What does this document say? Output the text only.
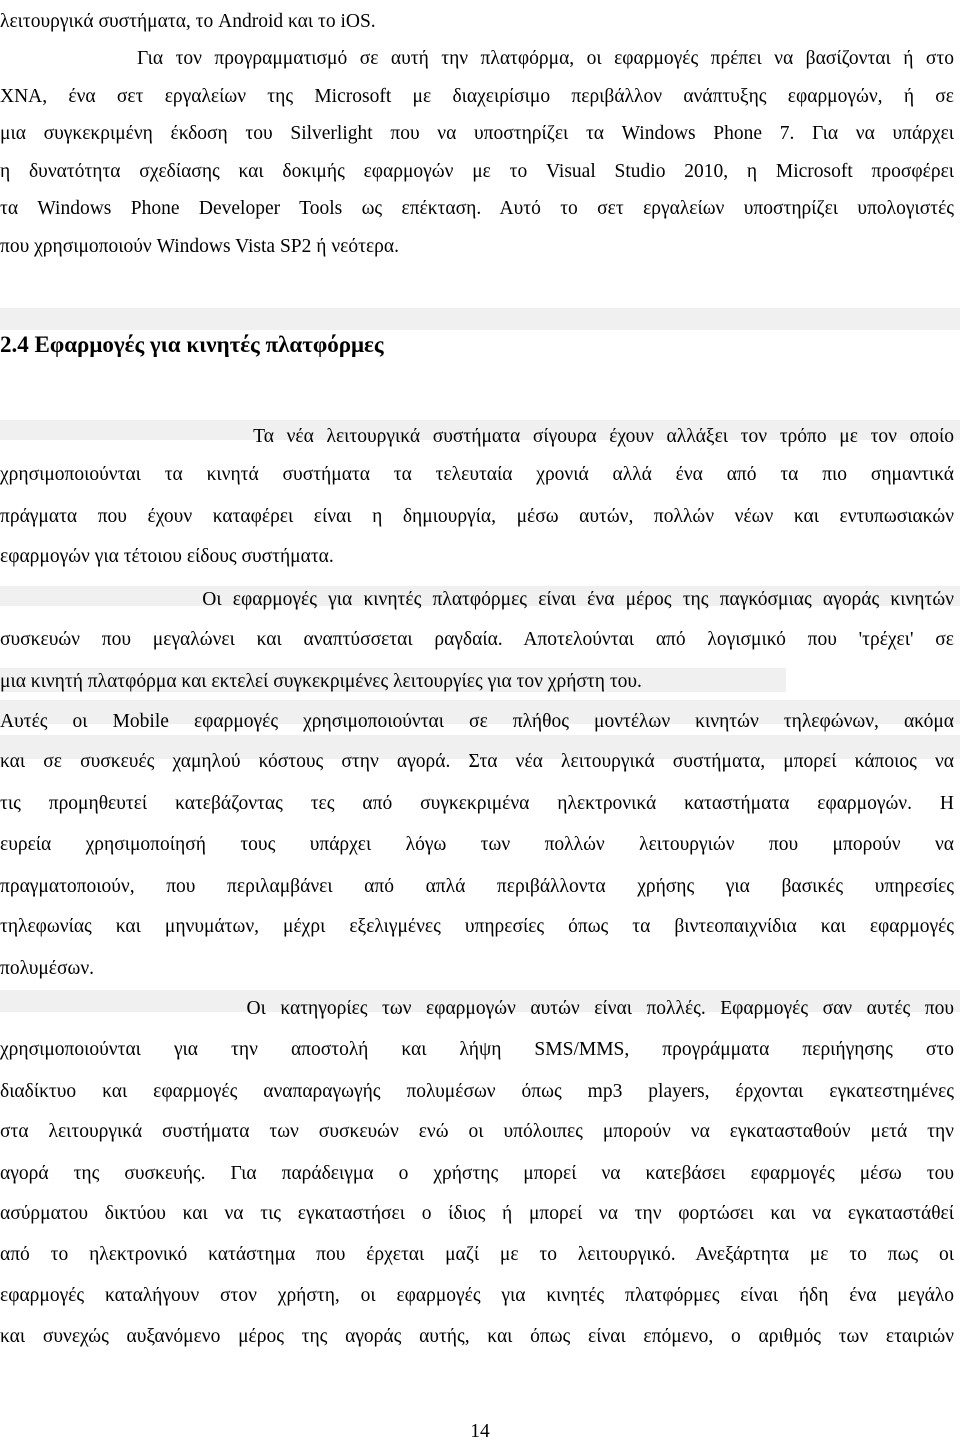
λειτουργικά συστήματα, το Android και το iOS.
Για τον προγραμματισμό σε αυτή την πλατφόρμα, οι εφαρμογές πρέπει να βασίζονται ή στο
XNA, ένα σετ εργαλείων της Microsoft με διαχειρίσιμο περιβάλλον ανάπτυξης εφαρμογών, ή σε
μια συγκεκριμένη έκδοση του Silverlight που να υποστηρίζει τα Windows Phone 7. Για να υπάρχει
η δυνατότητα σχεδίασης και δοκιμής εφαρμογών με το Visual Studio 2010, η Microsoft προσφέρει
τα Windows Phone Developer Tools ως επέκταση. Αυτό το σετ εργαλείων υποστηρίζει υπολογιστές
που χρησιμοποιούν Windows Vista SP2 ή νεότερα.
2.4 Εφαρμογές για κινητές πλατφόρμες
Τα νέα λειτουργικά συστήματα σίγουρα έχουν αλλάξει τον τρόπο με τον οποίο
χρησιμοποιούνται τα κινητά συστήματα τα τελευταία χρονιά αλλά ένα από τα πιο σημαντικά
πράγματα που έχουν καταφέρει είναι η δημιουργία, μέσω αυτών, πολλών νέων και εντυπωσιακών
εφαρμογών για τέτοιου είδους συστήματα.
Οι εφαρμογές για κινητές πλατφόρμες είναι ένα μέρος της παγκόσμιας αγοράς κινητών
συσκευών που μεγαλώνει και αναπτύσσεται ραγδαία. Αποτελούνται από λογισμικό που 'τρέχει' σε
μια κινητή πλατφόρμα και εκτελεί συγκεκριμένες λειτουργίες για τον χρήστη του.
Αυτές οι Mobile εφαρμογές χρησιμοποιούνται σε πλήθος μοντέλων κινητών τηλεφώνων, ακόμα
και σε συσκευές χαμηλού κόστους στην αγορά. Στα νέα λειτουργικά συστήματα, μπορεί κάποιος να
τις προμηθευτεί κατεβάζοντας τες από συγκεκριμένα ηλεκτρονικά καταστήματα εφαρμογών. Η
ευρεία χρησιμοποίησή τους υπάρχει λόγω των πολλών λειτουργιών που μπορούν να
πραγματοποιούν, που περιλαμβάνει από απλά περιβάλλοντα χρήσης για βασικές υπηρεσίες
τηλεφωνίας και μηνυμάτων, μέχρι εξελιγμένες υπηρεσίες όπως τα βιντεοπαιχνίδια και εφαρμογές
πολυμέσων.
Οι κατηγορίες των εφαρμογών αυτών είναι πολλές. Εφαρμογές σαν αυτές που
χρησιμοποιούνται για την αποστολή και λήψη SMS/MMS, προγράμματα περιήγησης στο
διαδίκτυο και εφαρμογές αναπαραγωγής πολυμέσων όπως mp3 players, έρχονται εγκατεστημένες
στα λειτουργικά συστήματα των συσκευών ενώ οι υπόλοιπες μπορούν να εγκατασταθούν μετά την
αγορά της συσκευής. Για παράδειγμα ο χρήστης μπορεί να κατεβάσει εφαρμογές μέσω του
ασύρματου δικτύου και να τις εγκαταστήσει ο ίδιος ή μπορεί να την φορτώσει και να εγκαταστάθεί
από το ηλεκτρονικό κατάστημα που έρχεται μαζί με το λειτουργικό. Ανεξάρτητα με το πως οι
εφαρμογές καταλήγουν στον χρήστη, οι εφαρμογές για κινητές πλατφόρμες είναι ήδη ένα μεγάλο
και συνεχώς αυξανόμενο μέρος της αγοράς αυτής, και όπως είναι επόμενο, ο αριθμός των εταιριών
14
